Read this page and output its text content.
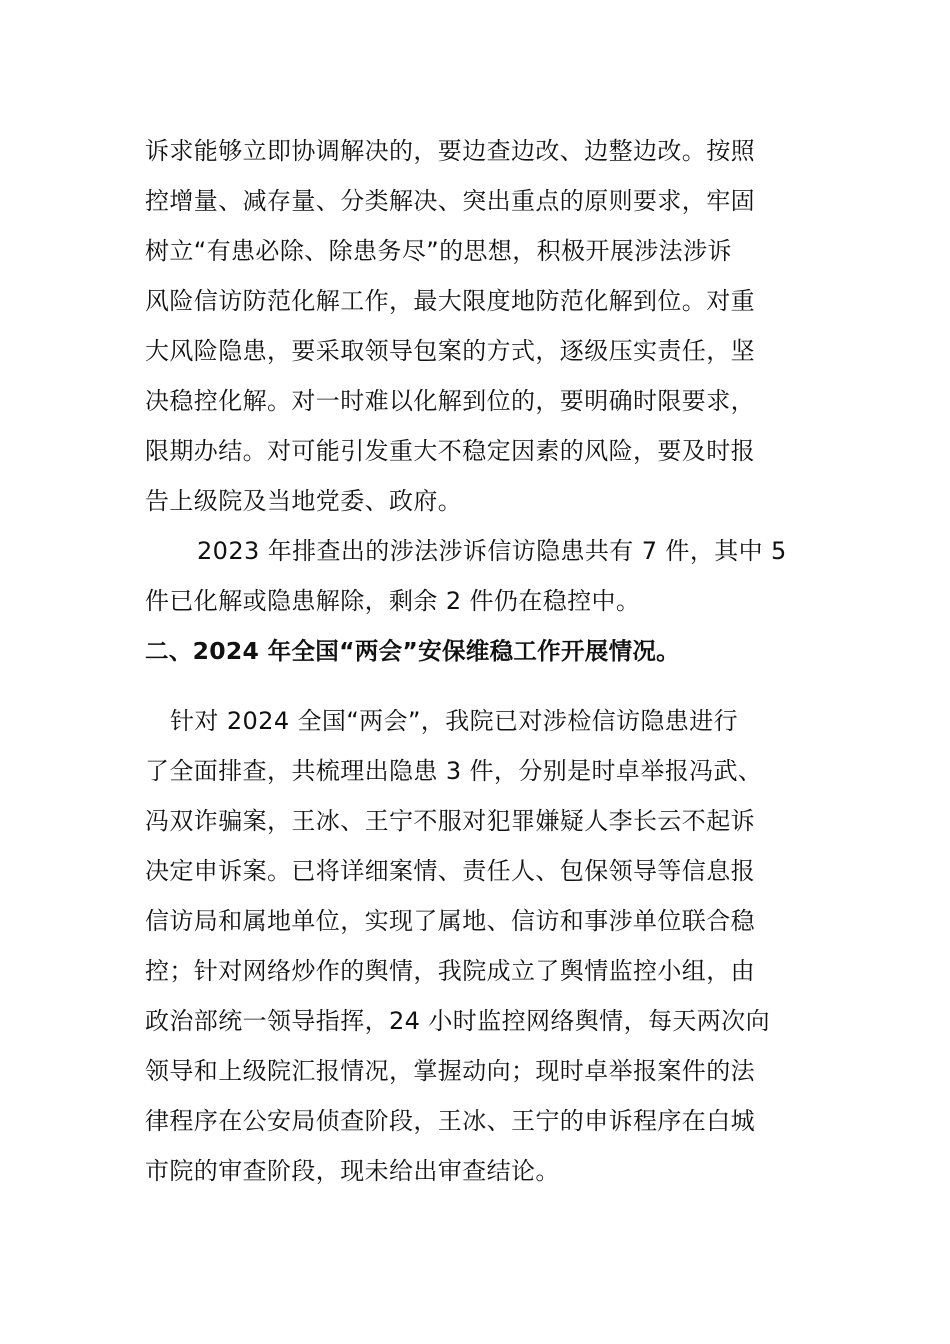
诉求能够立即协调解决的，要边查边改、边整边改。按照
控增量、减存量、分类解决、突出重点的原则要求，牢固
树立“有患必除、除患务尽”的思想，积极开展涉法涉诉
风险信访防范化解工作，最大限度地防范化解到位。对重
大风险隐患，要采取领导包案的方式，逐级压实责任，坚
决稳控化解。对一时难以化解到位的，要明确时限要求，
限期办结。对可能引发重大不稳定因素的风险，要及时报
告上级院及当地党委、政府。
2023 年排查出的涉法涉诉信访隐患共有 7 件，其中 5
件已化解或隐患解除，剩余 2 件仍在稳控中。
二、2024 年全国“两会”安保维稳工作开展情况。
针对 2024 全国“两会”，我院已对涉检信访隐患进行
了全面排查，共梳理出隐患 3 件，分别是时卓举报冯武、
冯双诈骗案，王冰、王宁不服对犯罪嫌疑人李长云不起诉
决定申诉案。已将详细案情、责任人、包保领导等信息报
信访局和属地单位，实现了属地、信访和事涉单位联合稳
控；针对网络炒作的舆情，我院成立了舆情监控小组，由
政治部统一领导指挥，24 小时监控网络舆情，每天两次向
领导和上级院汇报情况，掌握动向；现时卓举报案件的法
律程序在公安局侦查阶段，王冰、王宁的申诉程序在白城
市院的审查阶段，现未给出审查结论。
